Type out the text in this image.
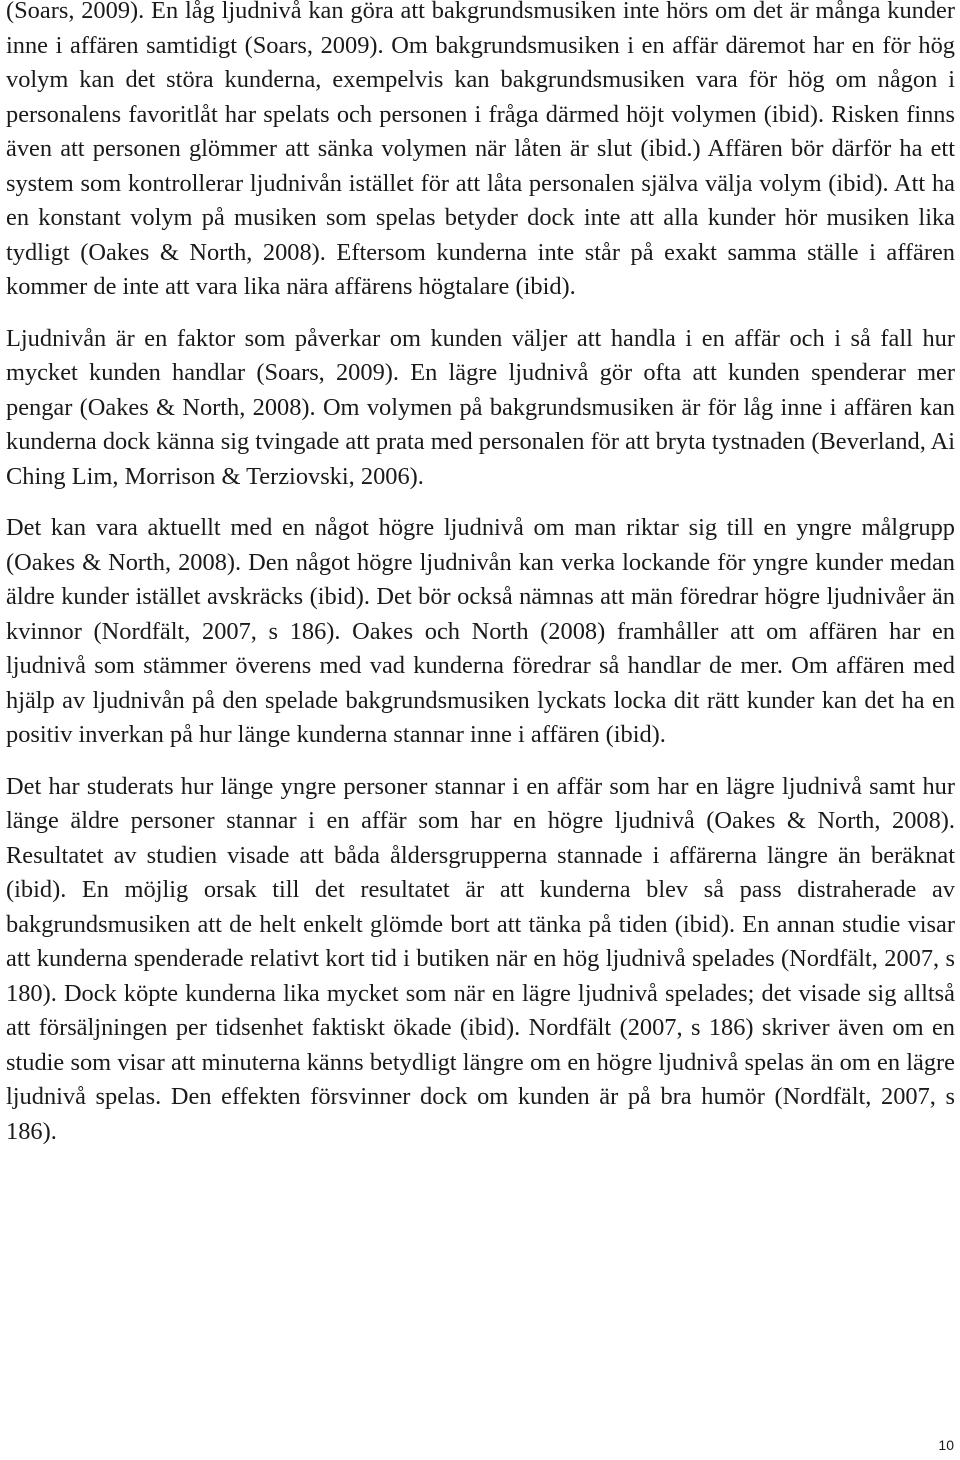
(Soars, 2009). En låg ljudnivå kan göra att bakgrundsmusiken inte hörs om det är många kunder inne i affären samtidigt (Soars, 2009). Om bakgrundsmusiken i en affär däremot har en för hög volym kan det störa kunderna, exempelvis kan bakgrundsmusiken vara för hög om någon i personalens favoritlåt har spelats och personen i fråga därmed höjt volymen (ibid). Risken finns även att personen glömmer att sänka volymen när låten är slut (ibid.) Affären bör därför ha ett system som kontrollerar ljudnivån istället för att låta personalen själva välja volym (ibid). Att ha en konstant volym på musiken som spelas betyder dock inte att alla kunder hör musiken lika tydligt (Oakes & North, 2008). Eftersom kunderna inte står på exakt samma ställe i affären kommer de inte att vara lika nära affärens högtalare (ibid).

Ljudnivån är en faktor som påverkar om kunden väljer att handla i en affär och i så fall hur mycket kunden handlar (Soars, 2009). En lägre ljudnivå gör ofta att kunden spenderar mer pengar (Oakes & North, 2008). Om volymen på bakgrundsmusiken är för låg inne i affären kan kunderna dock känna sig tvingade att prata med personalen för att bryta tystnaden (Beverland, Ai Ching Lim, Morrison & Terziovski, 2006).

Det kan vara aktuellt med en något högre ljudnivå om man riktar sig till en yngre målgrupp (Oakes & North, 2008). Den något högre ljudnivån kan verka lockande för yngre kunder medan äldre kunder istället avskräcks (ibid). Det bör också nämnas att män föredrar högre ljudnivåer än kvinnor (Nordfält, 2007, s 186). Oakes och North (2008) framhåller att om affären har en ljudnivå som stämmer överens med vad kunderna föredrar så handlar de mer. Om affären med hjälp av ljudnivån på den spelade bakgrundsmusiken lyckats locka dit rätt kunder kan det ha en positiv inverkan på hur länge kunderna stannar inne i affären (ibid).

Det har studerats hur länge yngre personer stannar i en affär som har en lägre ljudnivå samt hur länge äldre personer stannar i en affär som har en högre ljudnivå (Oakes & North, 2008). Resultatet av studien visade att båda åldersgrupperna stannade i affärerna längre än beräknat (ibid). En möjlig orsak till det resultatet är att kunderna blev så pass distraherade av bakgrundsmusiken att de helt enkelt glömde bort att tänka på tiden (ibid). En annan studie visar att kunderna spenderade relativt kort tid i butiken när en hög ljudnivå spelades (Nordfält, 2007, s 180). Dock köpte kunderna lika mycket som när en lägre ljudnivå spelades; det visade sig alltså att försäljningen per tidsenhet faktiskt ökade (ibid). Nordfält (2007, s 186) skriver även om en studie som visar att minuterna känns betydligt längre om en högre ljudnivå spelas än om en lägre ljudnivå spelas. Den effekten försvinner dock om kunden är på bra humör (Nordfält, 2007, s 186).

10
